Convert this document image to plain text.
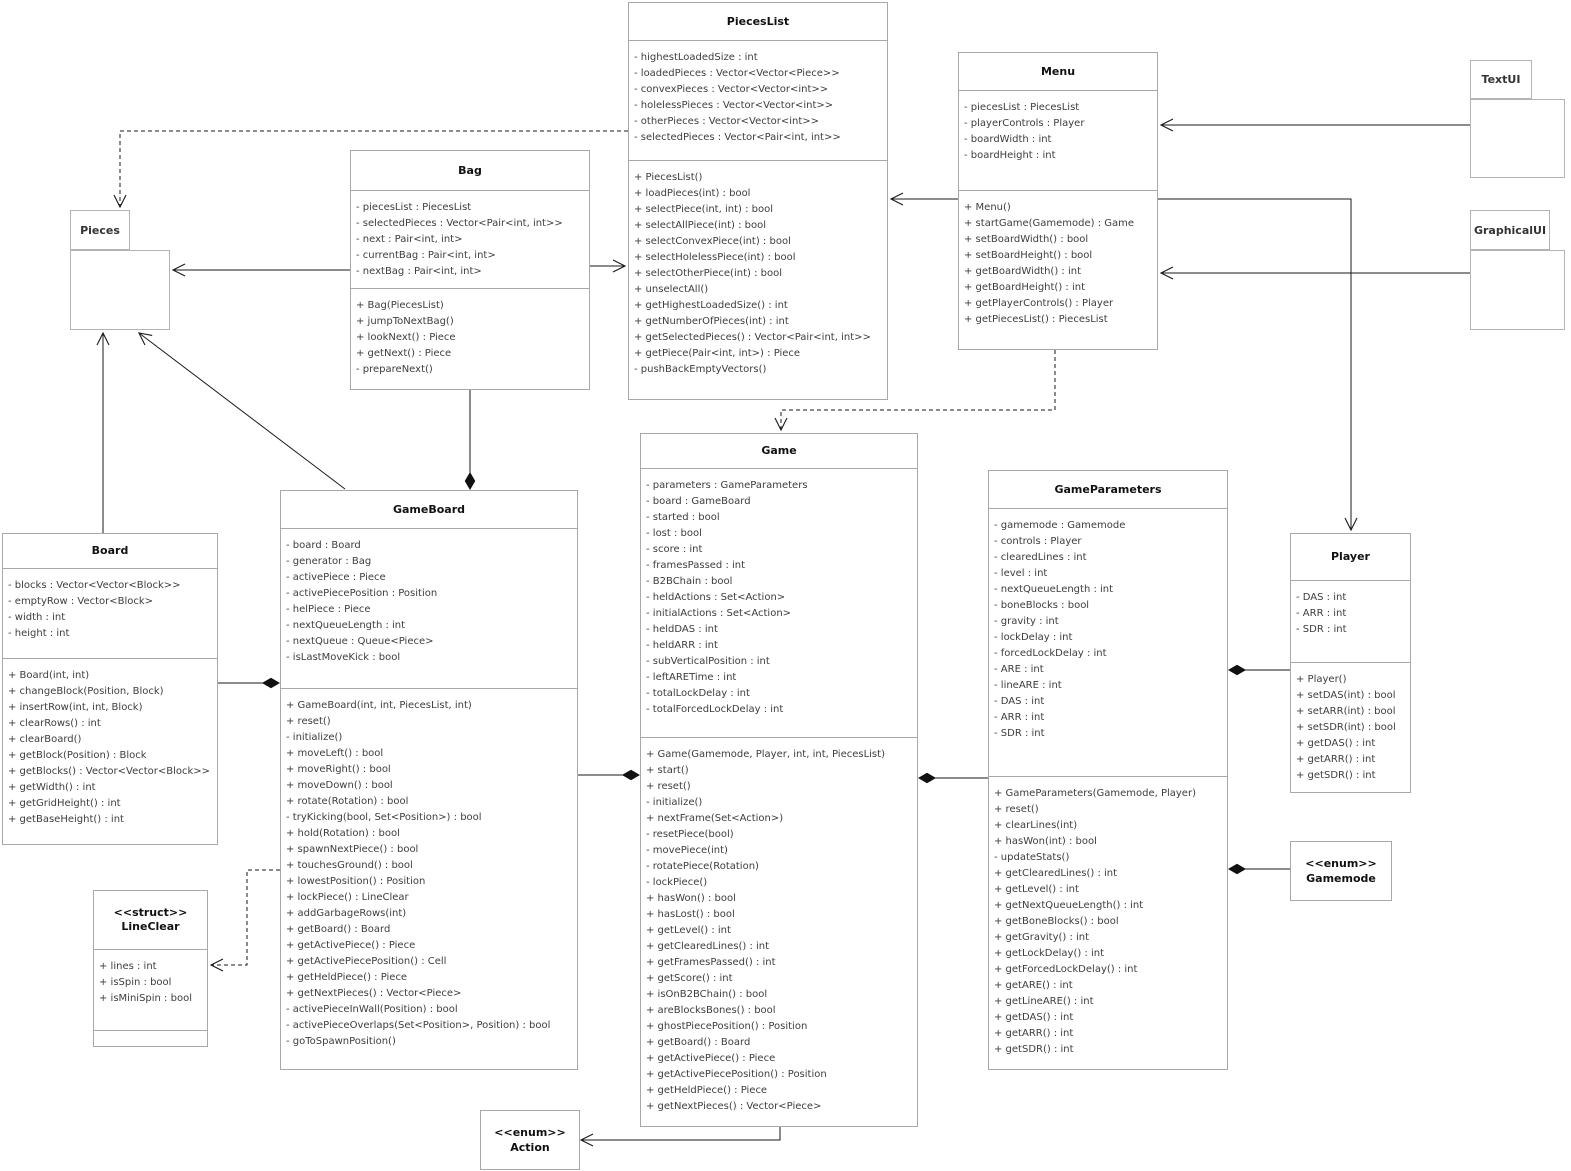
PiecesList
- highestLoadedSize : int
- loadedPieces : Vector<Vector<Piece>>
- convexPieces : Vector<Vector<int>>
- holelessPieces : Vector<Vector<int>>
- otherPieces : Vector<Vector<int>>
- selectedPieces : Vector<Pair<int, int>>
+ PiecesList()
+ loadPieces(int) : bool
+ selectPiece(int, int) : bool
+ selectAllPiece(int) : bool
+ selectConvexPiece(int) : bool
+ selectHolelessPiece(int) : bool
+ selectOtherPiece(int) : bool
+ unselectAll()
+ getHighestLoadedSize() : int
+ getNumberOfPieces(int) : int
+ getSelectedPieces() : Vector<Pair<int, int>>
+ getPiece(Pair<int, int>) : Piece
- pushBackEmptyVectors()
Menu
- piecesList : PiecesList
- playerControls : Player
- boardWidth : int
- boardHeight : int
+ Menu()
+ startGame(Gamemode) : Game
+ setBoardWidth() : bool
+ setBoardHeight() : bool
+ getBoardWidth() : int
+ getBoardHeight() : int
+ getPlayerControls() : Player
+ getPiecesList() : PiecesList
Bag
- piecesList : PiecesList
- selectedPieces : Vector<Pair<int, int>>
- next : Pair<int, int>
- currentBag : Pair<int, int>
- nextBag : Pair<int, int>
+ Bag(PiecesList)
+ jumpToNextBag()
+ lookNext() : Piece
+ getNext() : Piece
- prepareNext()
Board
- blocks : Vector<Vector<Block>>
- emptyRow : Vector<Block>
- width : int
- height : int
+ Board(int, int)
+ changeBlock(Position, Block)
+ insertRow(int, int, Block)
+ clearRows() : int
+ clearBoard()
+ getBlock(Position) : Block
+ getBlocks() : Vector<Vector<Block>>
+ getWidth() : int
+ getGridHeight() : int
+ getBaseHeight() : int
GameBoard
- board : Board
- generator : Bag
- activePiece : Piece
- activePiecePosition : Position
- helPiece : Piece
- nextQueueLength : int
- nextQueue : Queue<Piece>
- isLastMoveKick : bool
+ GameBoard(int, int, PiecesList, int)
+ reset()
- initialize()
+ moveLeft() : bool
+ moveRight() : bool
+ moveDown() : bool
+ rotate(Rotation) : bool
- tryKicking(bool, Set<Position>) : bool
+ hold(Rotation) : bool
+ spawnNextPiece() : bool
+ touchesGround() : bool
+ lowestPosition() : Position
+ lockPiece() : LineClear
+ addGarbageRows(int)
+ getBoard() : Board
+ getActivePiece() : Piece
+ getActivePiecePosition() : Cell
+ getHeldPiece() : Piece
+ getNextPieces() : Vector<Piece>
- activePieceInWall(Position) : bool
- activePieceOverlaps(Set<Position>, Position) : bool
- goToSpawnPosition()
Game
- parameters : GameParameters
- board : GameBoard
- started : bool
- lost : bool
- score : int
- framesPassed : int
- B2BChain : bool
- heldActions : Set<Action>
- initialActions : Set<Action>
- heldDAS : int
- heldARR : int
- subVerticalPosition : int
- leftARETime : int
- totalLockDelay : int
- totalForcedLockDelay : int
+ Game(Gamemode, Player, int, int, PiecesList)
+ start()
+ reset()
- initialize()
+ nextFrame(Set<Action>)
- resetPiece(bool)
- movePiece(int)
- rotatePiece(Rotation)
- lockPiece()
+ hasWon() : bool
+ hasLost() : bool
+ getLevel() : int
+ getClearedLines() : int
+ getFramesPassed() : int
+ getScore() : int
+ isOnB2BChain() : bool
+ areBlocksBones() : bool
+ ghostPiecePosition() : Position
+ getBoard() : Board
+ getActivePiece() : Piece
+ getActivePiecePosition() : Position
+ getHeldPiece() : Piece
+ getNextPieces() : Vector<Piece>
GameParameters
- gamemode : Gamemode
- controls : Player
- clearedLines : int
- level : int
- nextQueueLength : int
- boneBlocks : bool
- gravity : int
- lockDelay : int
- forcedLockDelay : int
- ARE : int
- lineARE : int
- DAS : int
- ARR : int
- SDR : int
+ GameParameters(Gamemode, Player)
+ reset()
+ clearLines(int)
+ hasWon(int) : bool
- updateStats()
+ getClearedLines() : int
+ getLevel() : int
+ getNextQueueLength() : int
+ getBoneBlocks() : bool
+ getGravity() : int
+ getLockDelay() : int
+ getForcedLockDelay() : int
+ getARE() : int
+ getLineARE() : int
+ getDAS() : int
+ getARR() : int
+ getSDR() : int
Player
- DAS : int
- ARR : int
- SDR : int
+ Player()
+ setDAS(int) : bool
+ setARR(int) : bool
+ setSDR(int) : bool
+ getDAS() : int
+ getARR() : int
+ getSDR() : int
<<struct>>
LineClear
+ lines : int
+ isSpin : bool
+ isMiniSpin : bool
<<enum>>
Gamemode
<<enum>>
Action
Pieces
TextUI
GraphicalUI
